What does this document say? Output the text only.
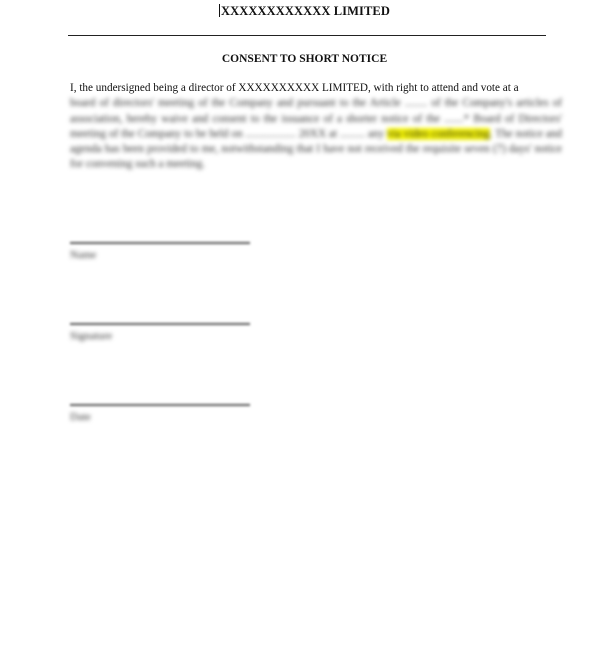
XXXXXXXXXXXX LIMITED
CONSENT TO SHORT NOTICE
I, the undersigned being a director of XXXXXXXXXX LIMITED, with right to attend and vote at a
board of directors' meeting of the Company and pursuant to the Article ........ of the Company's articles of association, hereby waive and consent to the issuance of a shorter notice of the .......* Board of Directors' meeting of the Company to be held on .................. 20XX at ......... any via video conferencing. The notice and agenda has been provided to me, notwithstanding that I have not received the requisite seven (7) days' notice for convening such a meeting.
Name
Signature
Date
